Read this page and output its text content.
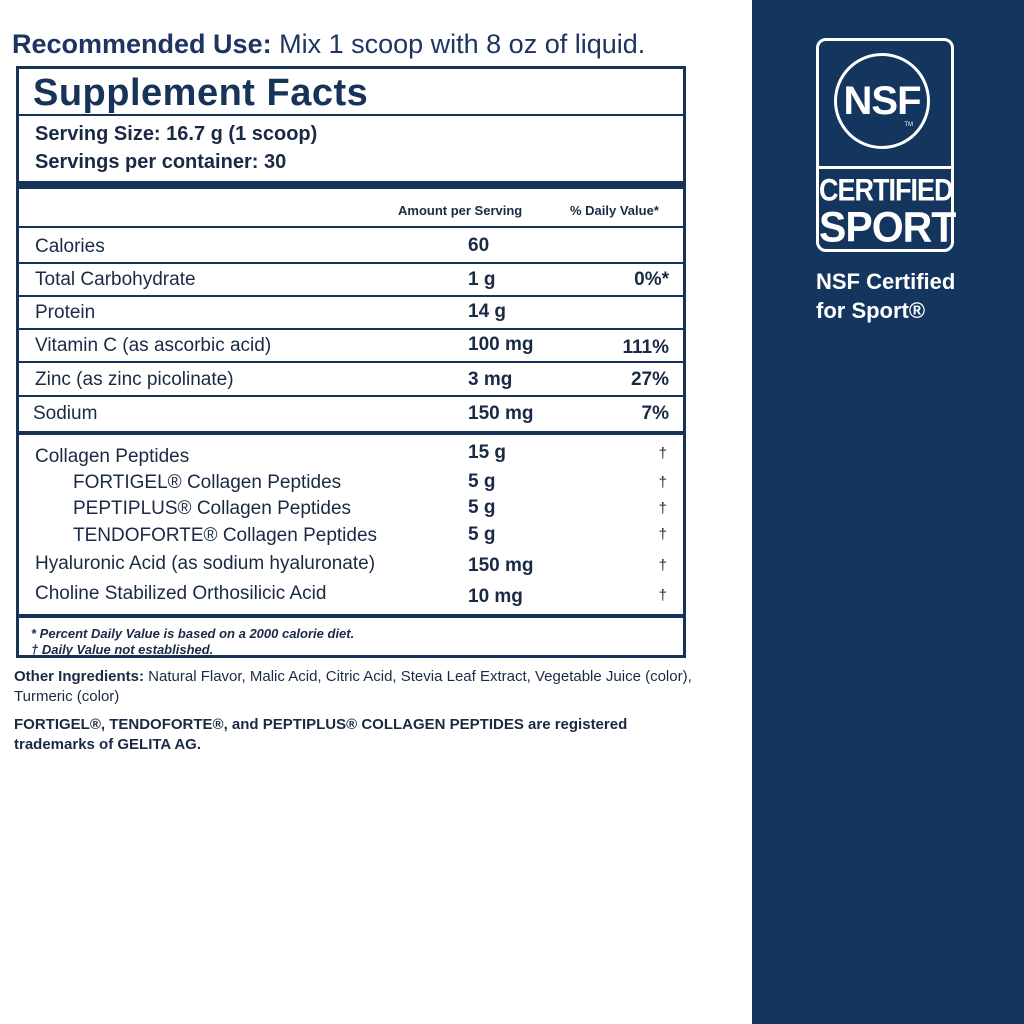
Recommended Use: Mix 1 scoop with 8 oz of liquid.
Supplement Facts
Serving Size: 16.7 g (1 scoop)
Servings per container: 30
Amount per Serving	% Daily Value*
Calories	60
Total Carbohydrate	1 g	0%*
Protein	14 g
Vitamin C (as ascorbic acid)	100 mg	111%
Zinc (as zinc picolinate)	3 mg	27%
Sodium	150 mg	7%
Collagen Peptides	15 g	†
FORTIGEL® Collagen Peptides	5 g	†
PEPTIPLUS® Collagen Peptides	5 g	†
TENDOFORTE® Collagen Peptides	5 g	†
Hyaluronic Acid (as sodium hyaluronate)	150 mg	†
Choline Stabilized Orthosilicic Acid	10 mg	†
* Percent Daily Value is based on a 2000 calorie diet.
† Daily Value not established.
Other Ingredients: Natural Flavor, Malic Acid, Citric Acid, Stevia Leaf Extract, Vegetable Juice (color), Turmeric (color)
FORTIGEL®, TENDOFORTE®, and PEPTIPLUS® COLLAGEN PEPTIDES are registered trademarks of GELITA AG.
NSF
TM
CERTIFIED
SPORT
NSF Certified
for Sport®
